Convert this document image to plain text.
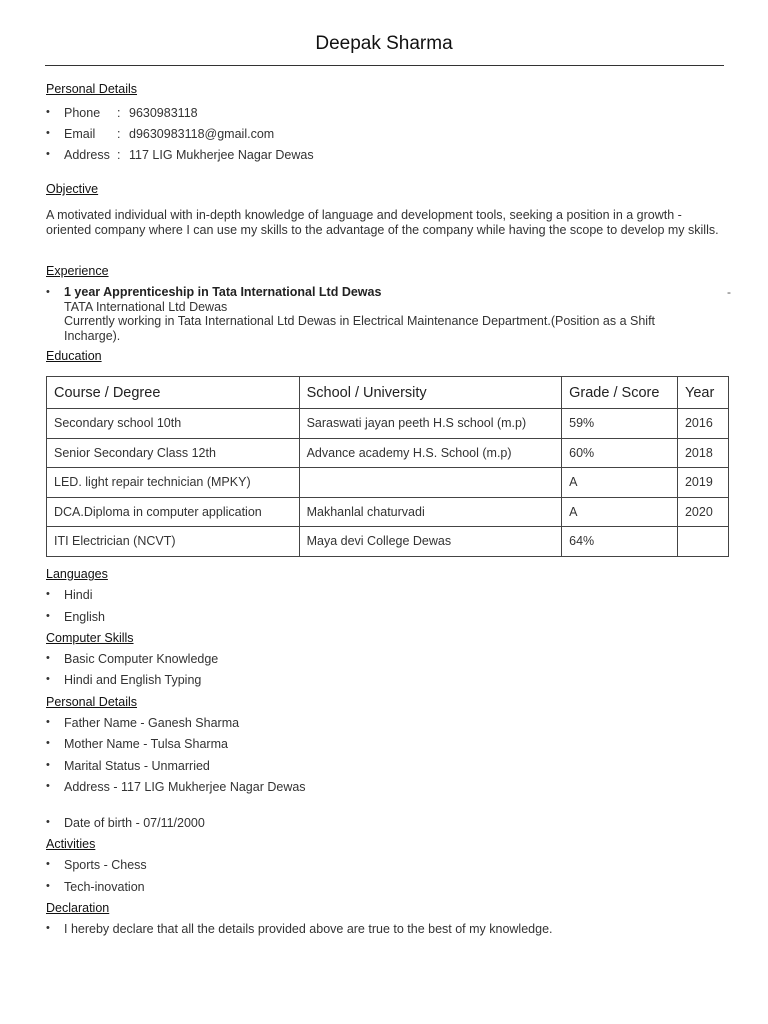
Deepak Sharma
Personal Details
Phone : 9630983118
Email : d9630983118@gmail.com
Address : 117 LIG Mukherjee Nagar Dewas
Objective
A motivated individual with in-depth knowledge of language and development tools, seeking a position in a growth - oriented company where I can use my skills to the advantage of the company while having the scope to develop my skills.
Experience
• 1 year Apprenticeship in Tata International Ltd Dewas
TATA International Ltd Dewas
Currently working in Tata International Ltd Dewas in Electrical Maintenance Department.(Position as a Shift Incharge).
-
Education
Course / Degree	School / University	Grade / Score	Year
Secondary school 10th	Saraswati jayan peeth H.S school (m.p)	59%	2016
Senior Secondary Class 12th	Advance academy H.S. School (m.p)	60%	2018
LED. light repair technician (MPKY)		A	2019
DCA.Diploma in computer application	Makhanlal chaturvadi	A	2020
ITI Electrician (NCVT)	Maya devi College Dewas	64%	
Languages
Hindi
English
Computer Skills
Basic Computer Knowledge
Hindi and English Typing
Personal Details
Father Name - Ganesh Sharma
Mother Name - Tulsa Sharma
Marital Status - Unmarried
Address - 117 LIG Mukherjee Nagar Dewas
Date of birth - 07/11/2000
Activities
Sports - Chess
Tech-inovation
Declaration
I hereby declare that all the details provided above are true to the best of my knowledge.
